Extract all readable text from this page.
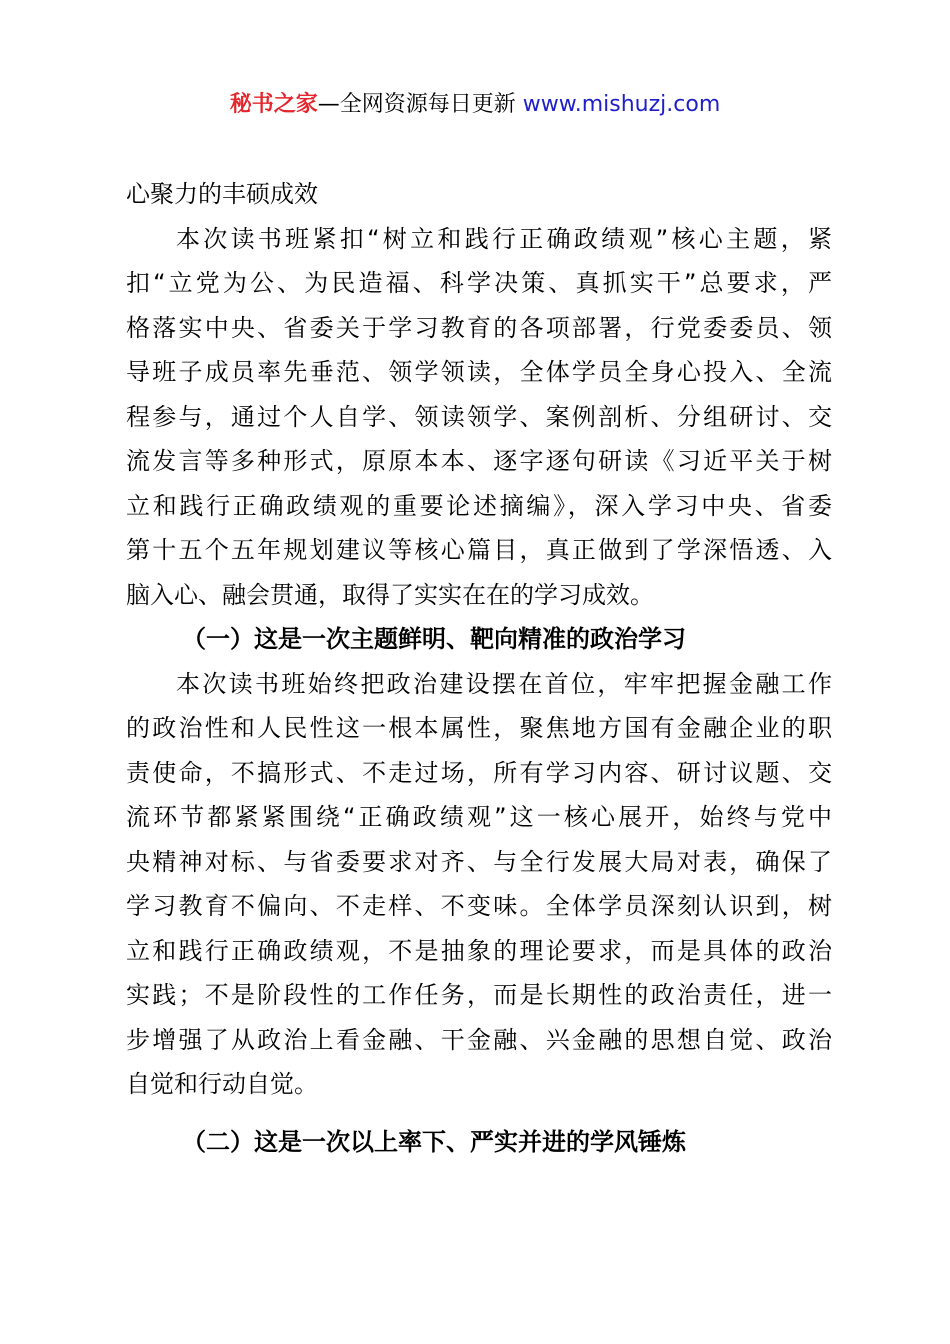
秘书之家—全网资源每日更新 www.mishuzj.com
心聚力的丰硕成效
本次读书班紧扣“树立和践行正确政绩观”核心主题，紧
扣“立党为公、为民造福、科学决策、真抓实干”总要求，严
格落实中央、省委关于学习教育的各项部署，行党委委员、领
导班子成员率先垂范、领学领读，全体学员全身心投入、全流
程参与，通过个人自学、领读领学、案例剖析、分组研讨、交
流发言等多种形式，原原本本、逐字逐句研读《习近平关于树
立和践行正确政绩观的重要论述摘编》，深入学习中央、省委
第十五个五年规划建议等核心篇目，真正做到了学深悟透、入
脑入心、融会贯通，取得了实实在在的学习成效。
（一）这是一次主题鲜明、靶向精准的政治学习
本次读书班始终把政治建设摆在首位，牢牢把握金融工作
的政治性和人民性这一根本属性，聚焦地方国有金融企业的职
责使命，不搞形式、不走过场，所有学习内容、研讨议题、交
流环节都紧紧围绕“正确政绩观”这一核心展开，始终与党中
央精神对标、与省委要求对齐、与全行发展大局对表，确保了
学习教育不偏向、不走样、不变味。全体学员深刻认识到，树
立和践行正确政绩观，不是抽象的理论要求，而是具体的政治
实践；不是阶段性的工作任务，而是长期性的政治责任，进一
步增强了从政治上看金融、干金融、兴金融的思想自觉、政治
自觉和行动自觉。
（二）这是一次以上率下、严实并进的学风锤炼
